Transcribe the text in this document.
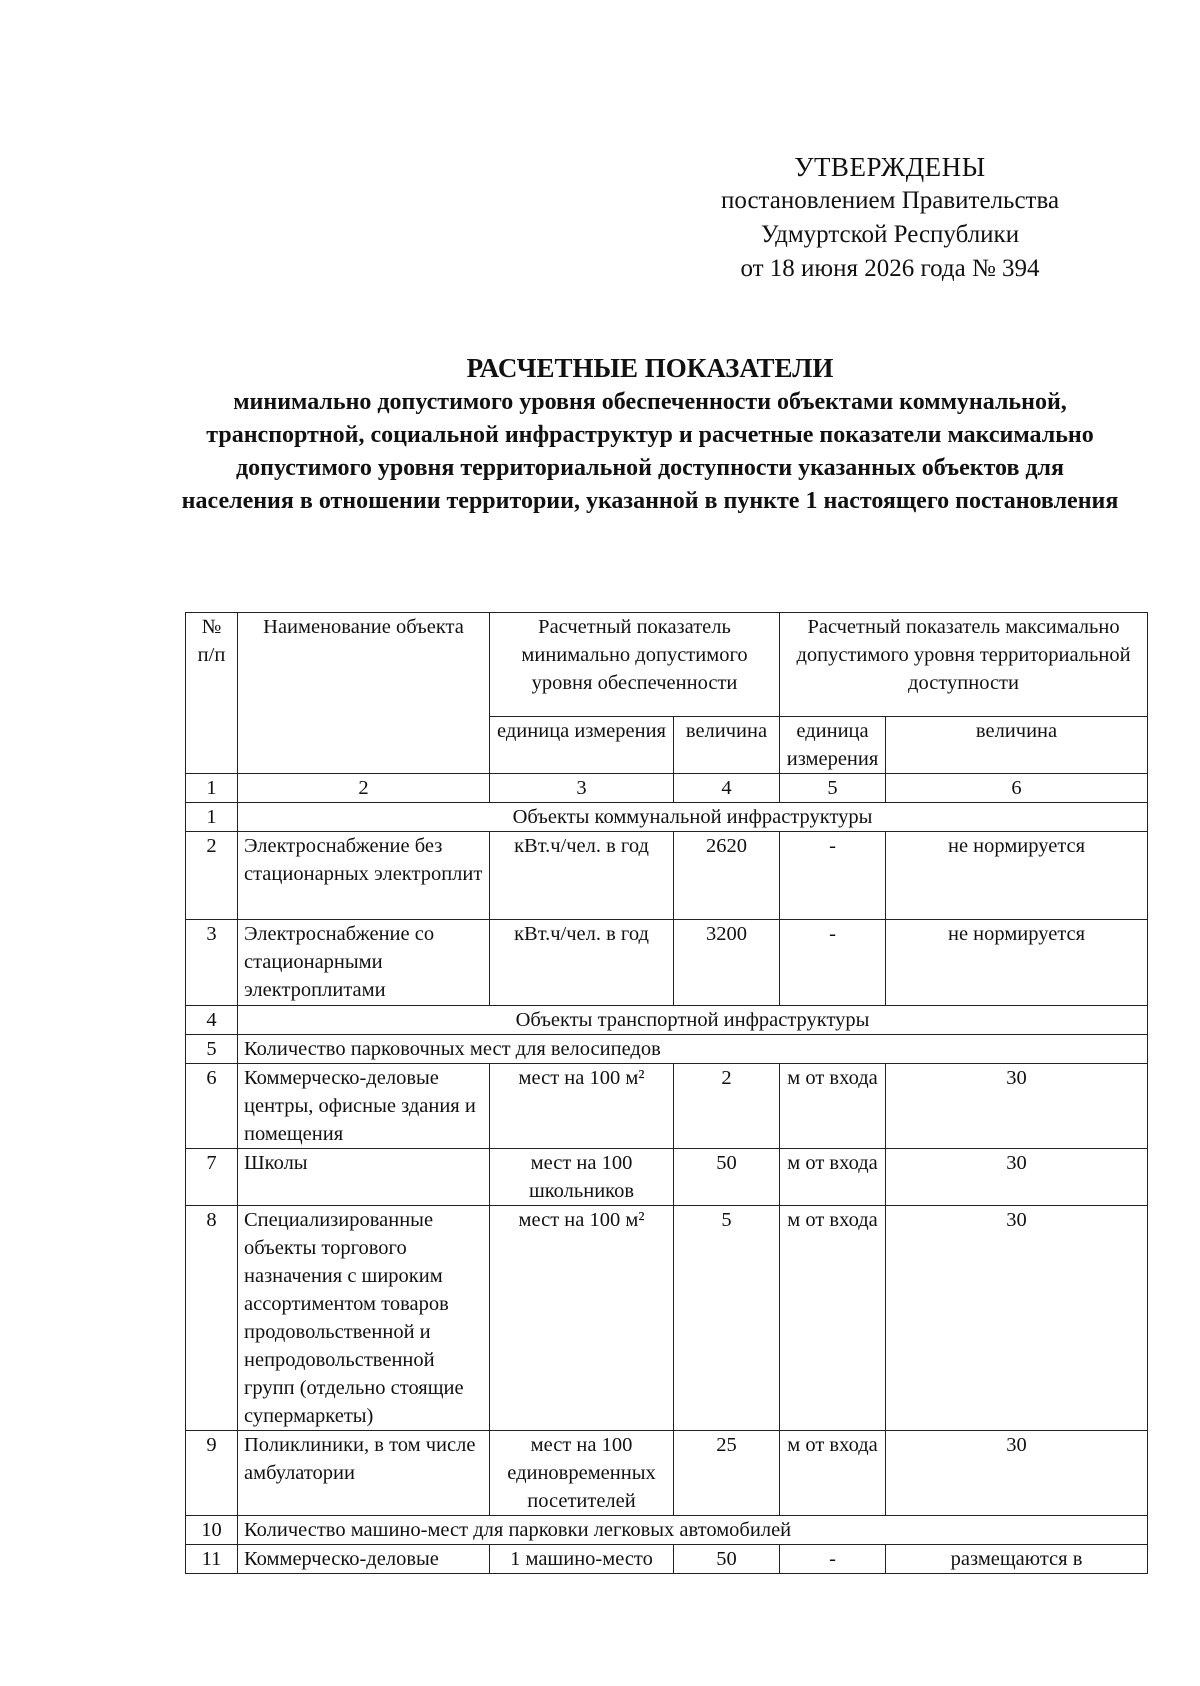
УТВЕРЖДЕНЫ
постановлением Правительства
Удмуртской Республики
от 18 июня 2026 года № 394
РАСЧЕТНЫЕ ПОКАЗАТЕЛИ
минимально допустимого уровня обеспеченности объектами коммунальной, транспортной, социальной инфраструктур и расчетные показатели максимально допустимого уровня территориальной доступности указанных объектов для населения в отношении территории, указанной в пункте 1 настоящего постановления
№ п/п	Наименование объекта	Расчетный показатель минимально допустимого уровня обеспеченности		Расчетный показатель максимально допустимого уровня территориальной доступности	
		единица измерения	величина	единица измерения	величина
1	2	3	4	5	6
1	Объекты коммунальной инфраструктуры				
2	Электроснабжение без стационарных электроплит	кВт.ч/чел. в год	2620	-	не нормируется
3	Электроснабжение со стационарными электроплитами	кВт.ч/чел. в год	3200	-	не нормируется
4	Объекты транспортной инфраструктуры				
5	Количество парковочных мест для велосипедов				
6	Коммерческо-деловые центры, офисные здания и помещения	мест на 100 м²	2	м от входа	30
7	Школы	мест на 100 школьников	50	м от входа	30
8	Специализированные объекты торгового назначения с широким ассортиментом товаров продовольственной и непродовольственной групп (отдельно стоящие супермаркеты)	мест на 100 м²	5	м от входа	30
9	Поликлиники, в том числе амбулатории	мест на 100 единовременных посетителей	25	м от входа	30
10	Количество машино-мест для парковки легковых автомобилей				
11	Коммерческо-деловые	1 машино-место	50	-	размещаются в
